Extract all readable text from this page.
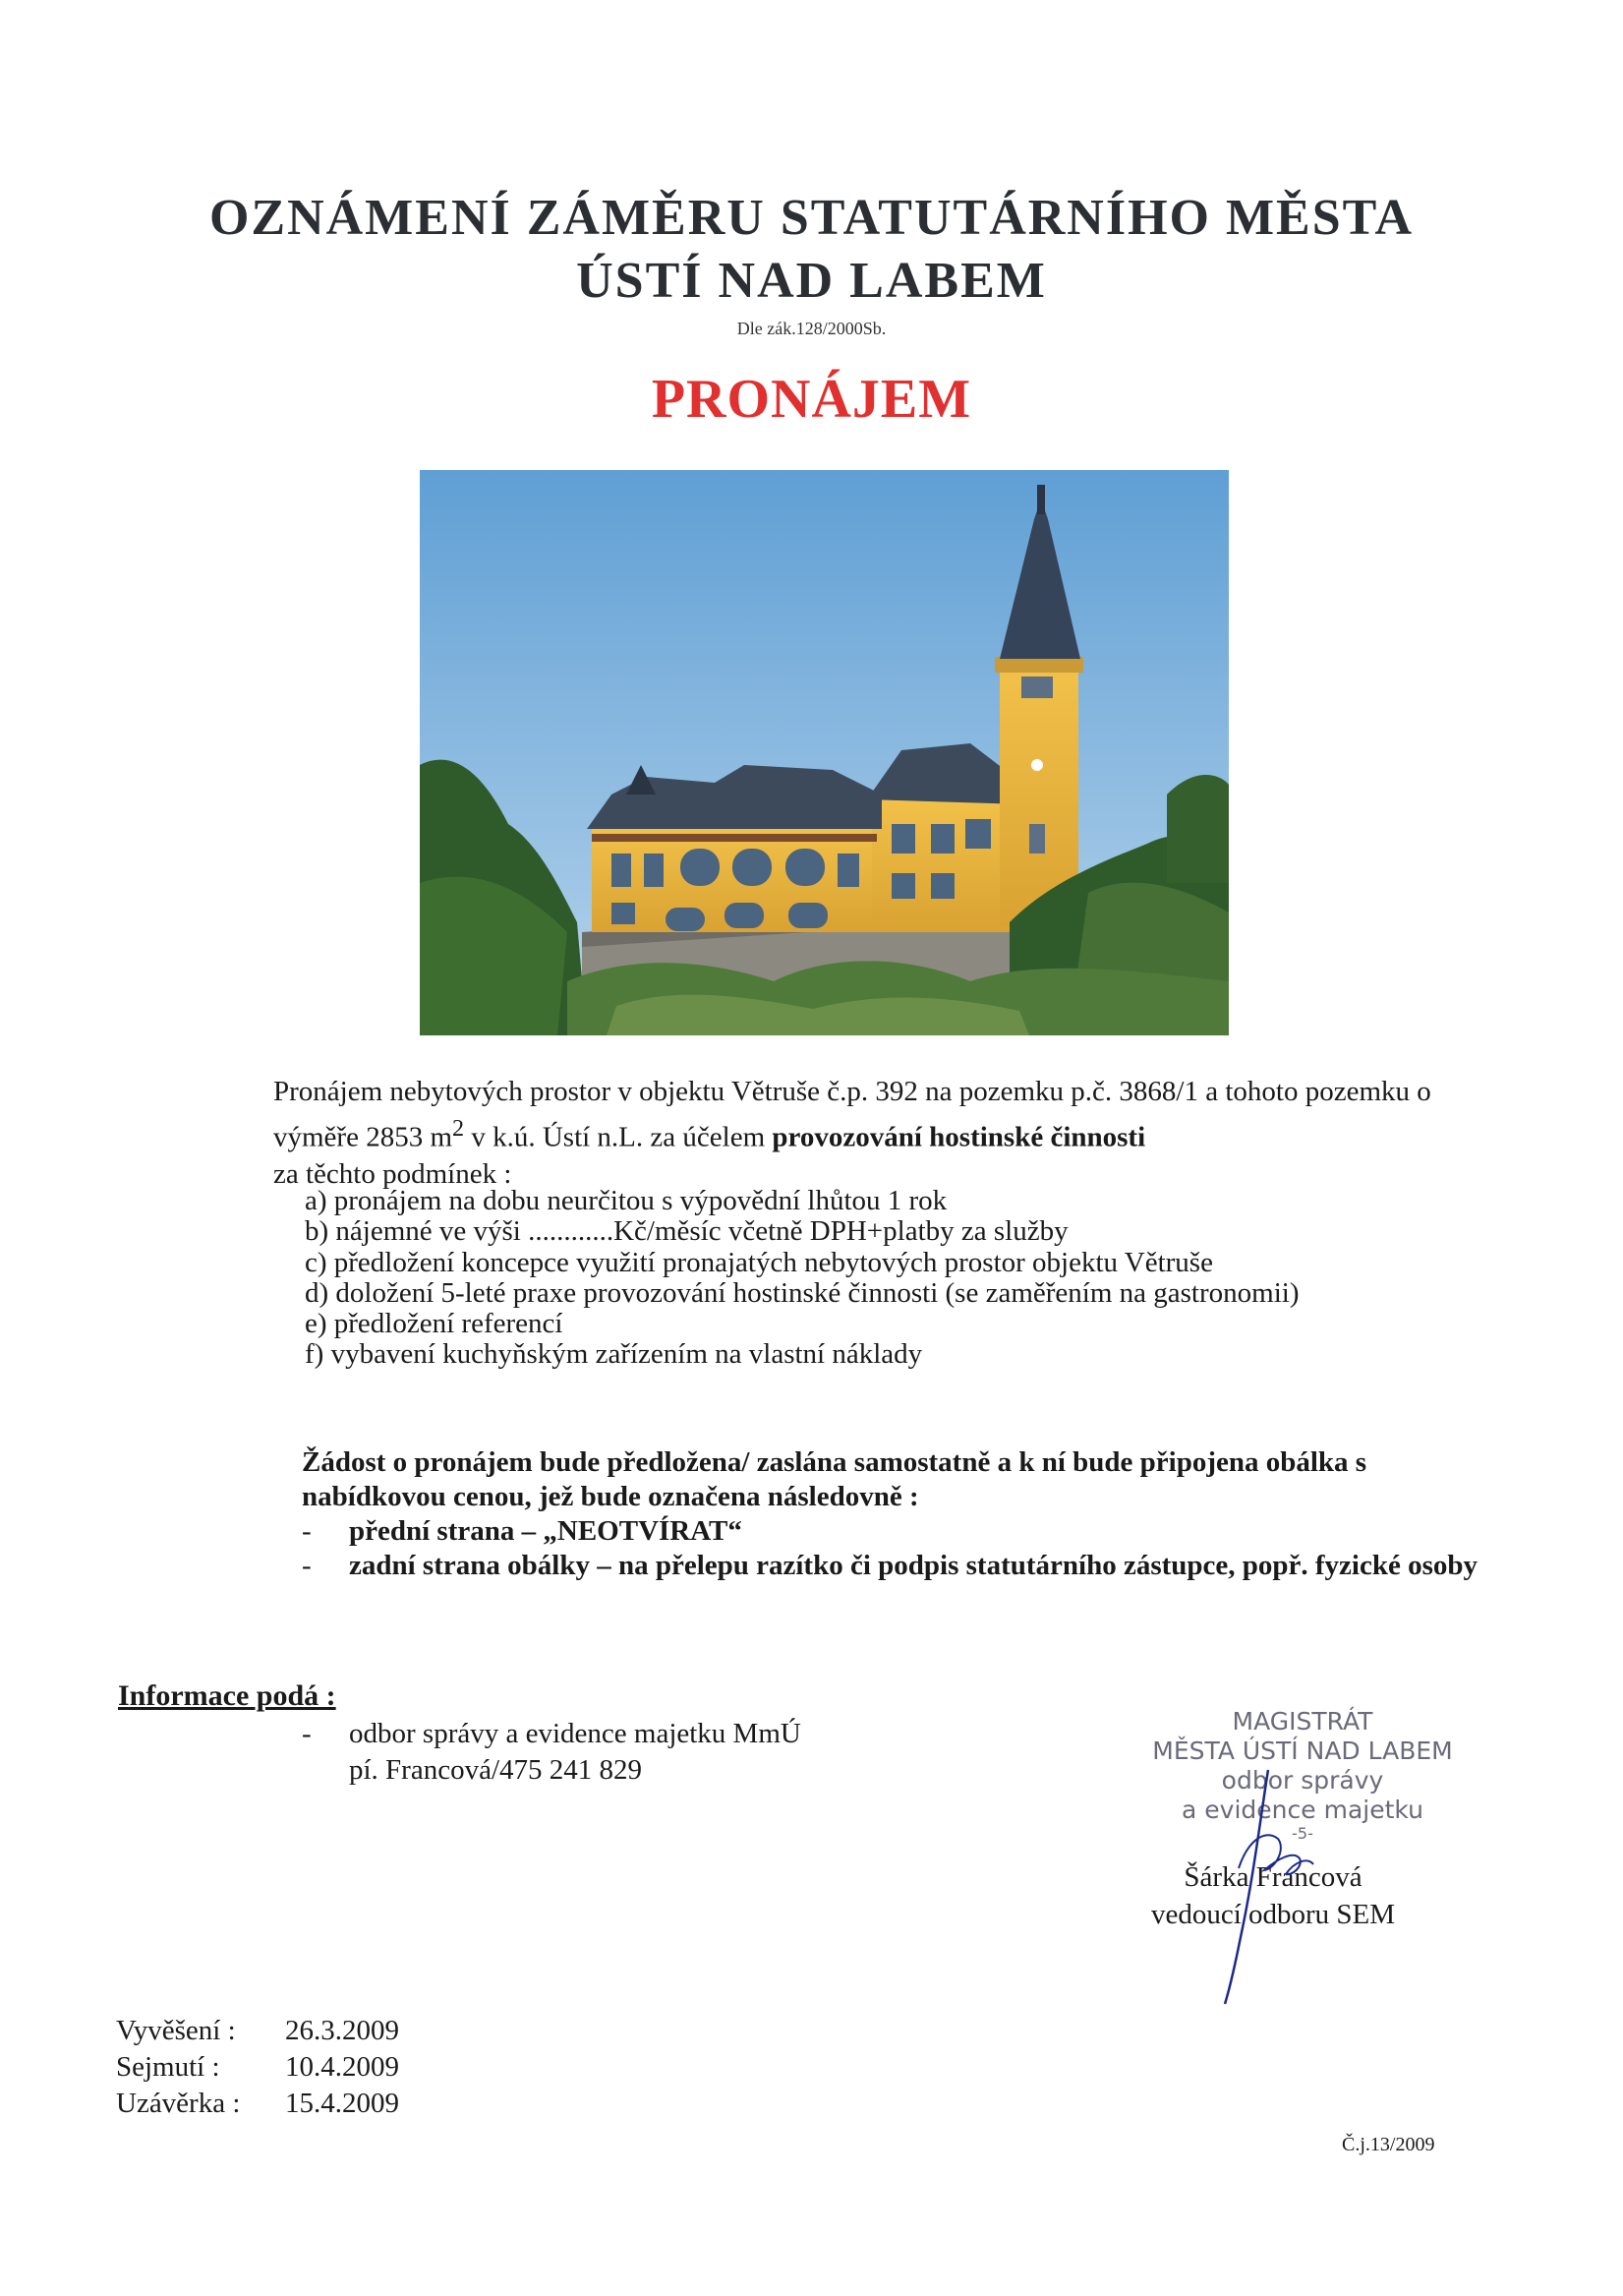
OZNÁMENÍ ZÁMĚRU STATUTÁRNÍHO MĚSTA
ÚSTÍ NAD LABEM
Dle zák.128/2000Sb.
PRONÁJEM
Pronájem nebytových prostor v objektu Větruše č.p. 392 na pozemku p.č. 3868/1 a tohoto pozemku o výměře 2853 $m^2$ v k.ú. Ústí n.L. za účelem provozování hostinské činnosti
za těchto podmínek :
a) pronájem na dobu neurčitou s výpovědní lhůtou 1 rok
b) nájemné ve výši ............Kč/měsíc včetně DPH+platby za služby
c) předložení koncepce využití pronajatých nebytových prostor objektu Větruše
d) doložení 5-leté praxe provozování hostinské činnosti (se zaměřením na gastronomii)
e) předložení referencí
f) vybavení kuchyňským zařízením na vlastní náklady
Žádost o pronájem bude předložena/ zaslána samostatně a k ní bude připojena obálka s nabídkovou cenou, jež bude označena následovně :
- přední strana – „NEOTVÍRAT“
- zadní strana obálky – na přelepu razítko či podpis statutárního zástupce, popř. fyzické osoby
Informace podá :
- odbor správy a evidence majetku MmÚ
pí. Francová/475 241 829
MAGISTRÁT
MĚSTA ÚSTÍ NAD LABEM
odbor správy
a evidence majetku
-5-
Šárka Francová
vedoucí odboru SEM
Vyvěšení : 26.3.2009
Sejmutí : 10.4.2009
Uzávěrka : 15.4.2009
Č.j.13/2009
